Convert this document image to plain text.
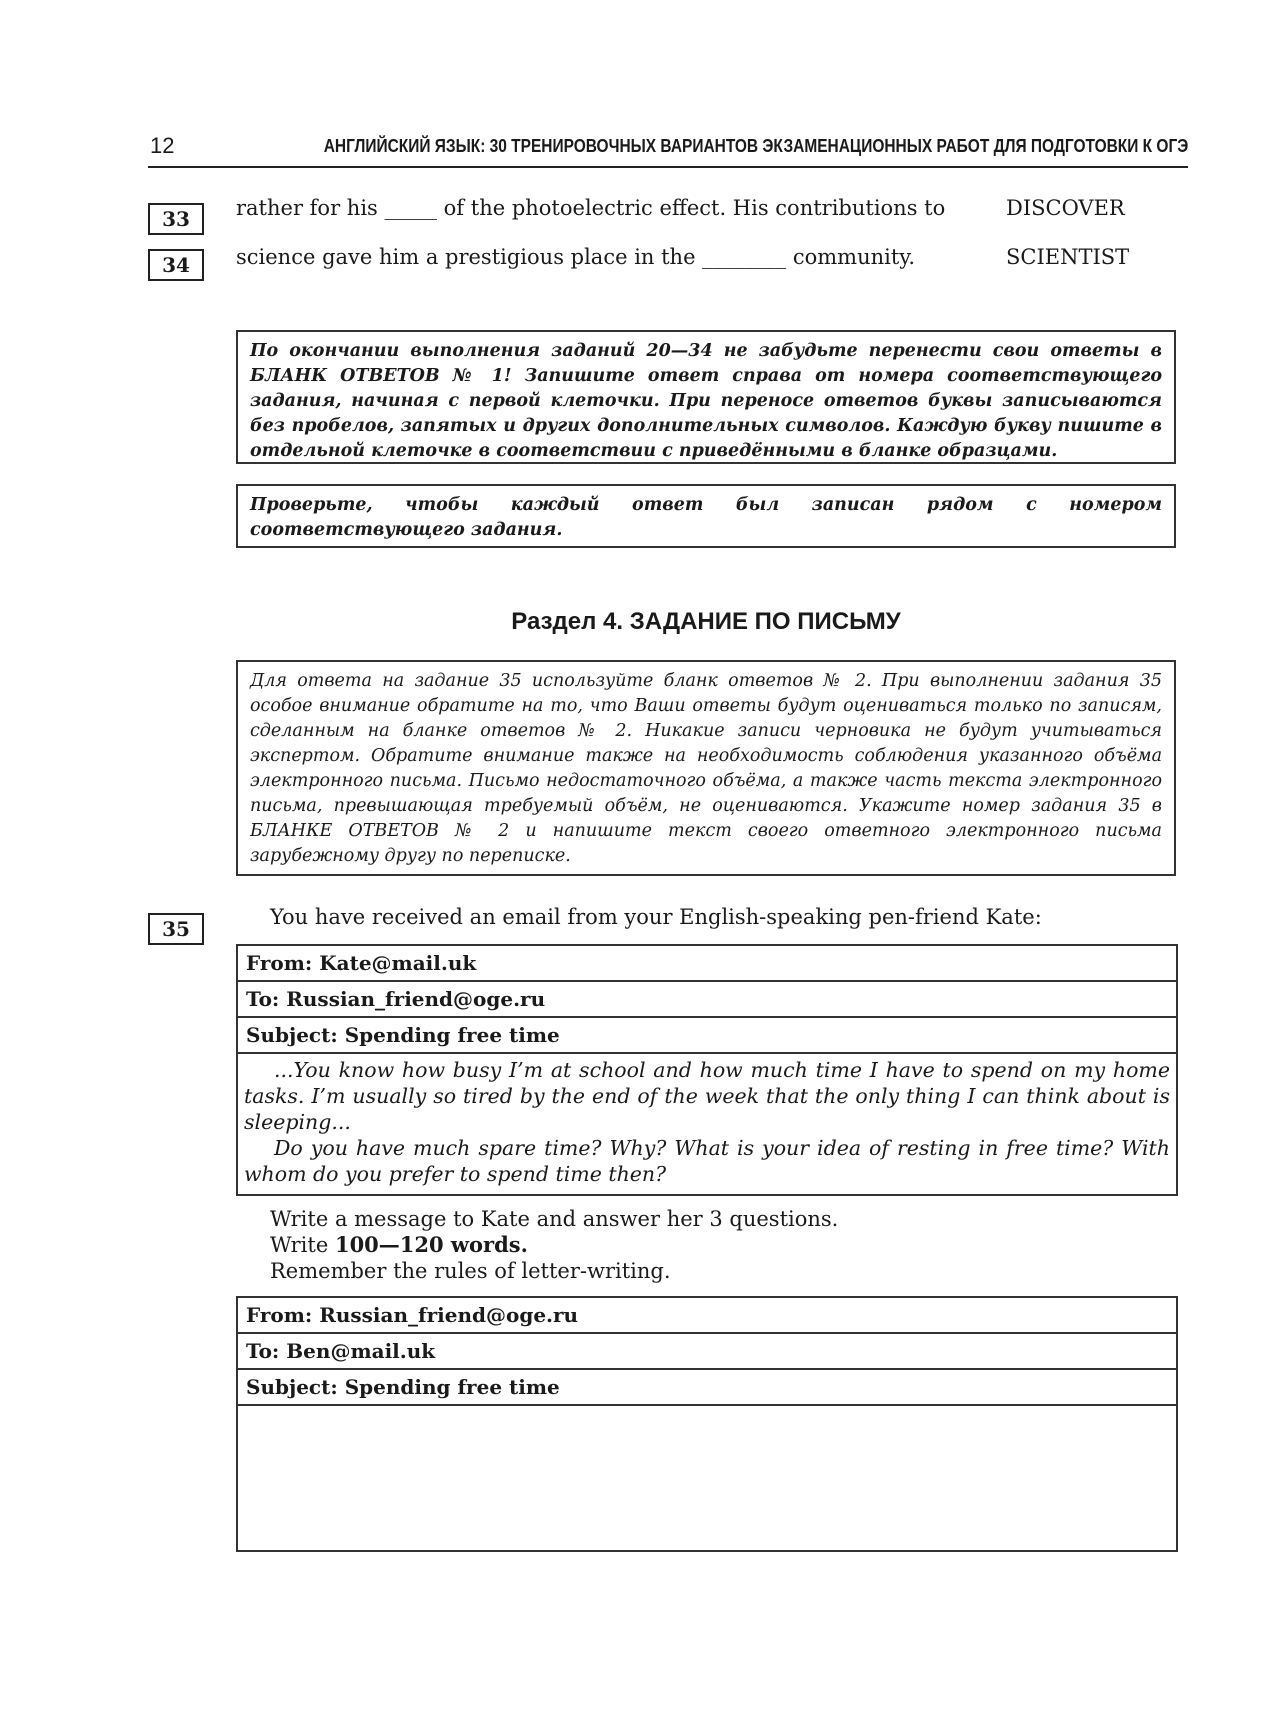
12	АНГЛИЙСКИЙ ЯЗЫК: 30 ТРЕНИРОВОЧНЫХ ВАРИАНТОВ ЭКЗАМЕНАЦИОННЫХ РАБОТ ДЛЯ ПОДГОТОВКИ К ОГЭ
33	rather for his _____ of the photoelectric effect. His contributions to	DISCOVER
34	science gave him a prestigious place in the ________ community.	SCIENTIST
По окончании выполнения заданий 20—34 не забудьте перенести свои ответы в БЛАНК ОТВЕТОВ № 1! Запишите ответ справа от номера соответствующего задания, начиная с первой клеточки. При переносе ответов буквы записываются без пробелов, запятых и других дополнительных символов. Каждую букву пишите в отдельной клеточке в соответствии с приведёнными в бланке образцами.
Проверьте, чтобы каждый ответ был записан рядом с номером соответствующего задания.
Раздел 4. ЗАДАНИЕ ПО ПИСЬМУ
Для ответа на задание 35 используйте бланк ответов № 2. При выполнении задания 35 особое внимание обратите на то, что Ваши ответы будут оцениваться только по записям, сделанным на бланке ответов № 2. Никакие записи черновика не будут учитываться экспертом. Обратите внимание также на необходимость соблюдения указанного объёма электронного письма. Письмо недостаточного объёма, а также часть текста электронного письма, превышающая требуемый объём, не оцениваются. Укажите номер задания 35 в БЛАНКЕ ОТВЕТОВ № 2 и напишите текст своего ответного электронного письма зарубежному другу по переписке.
35	You have received an email from your English-speaking pen-friend Kate:
From: Kate@mail.uk
To: Russian_friend@oge.ru
Subject: Spending free time

...You know how busy I’m at school and how much time I have to spend on my home tasks. I’m usually so tired by the end of the week that the only thing I can think about is sleeping...

Do you have much spare time? Why? What is your idea of resting in free time? With whom do you prefer to spend time then?

Write a message to Kate and answer her 3 questions.
Write 100—120 words.
Remember the rules of letter-writing.
From: Russian_friend@oge.ru
To: Ben@mail.uk
Subject: Spending free time
